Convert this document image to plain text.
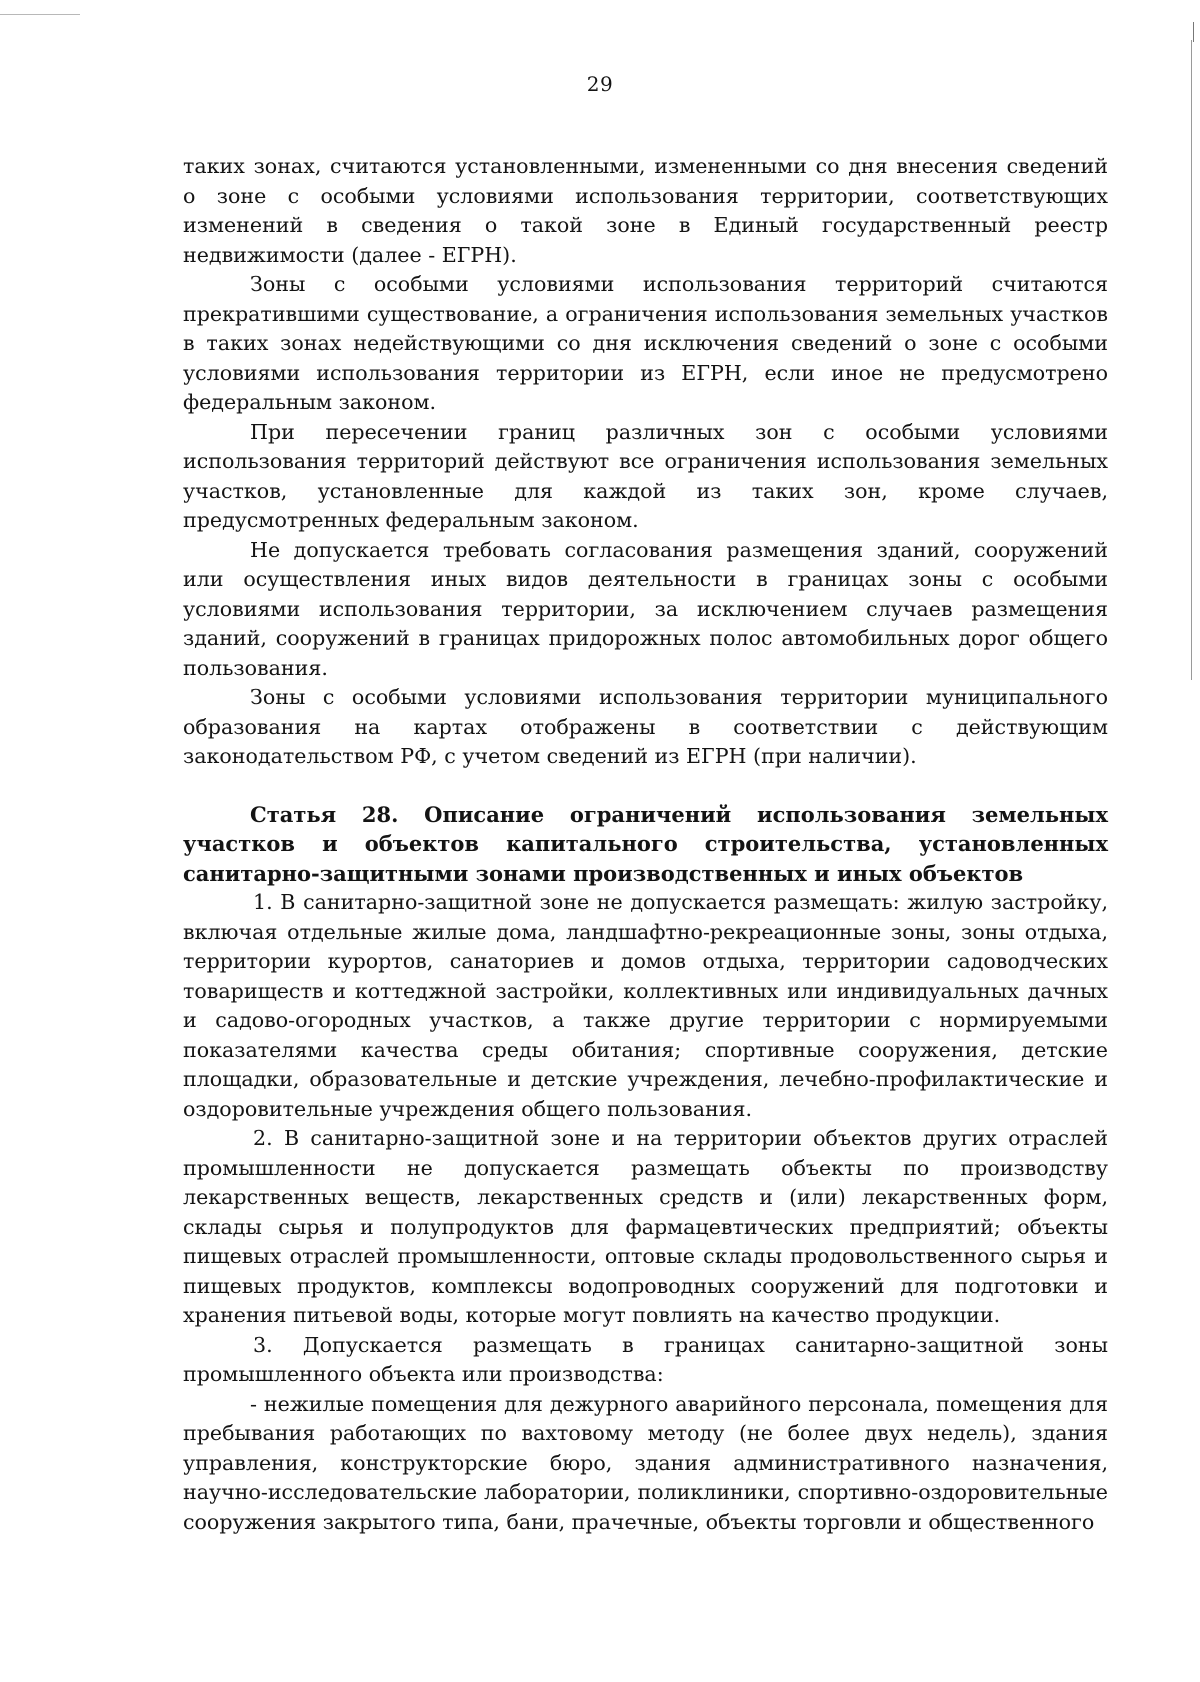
29

таких зонах, считаются установленными, измененными со дня внесения сведений о зоне с особыми условиями использования территории, соответствующих изменений в сведения о такой зоне в Единый государственный реестр недвижимости (далее - ЕГРН).

Зоны с особыми условиями использования территорий считаются прекратившими существование, а ограничения использования земельных участков в таких зонах недействующими со дня исключения сведений о зоне с особыми условиями использования территории из ЕГРН, если иное не предусмотрено федеральным законом.

При пересечении границ различных зон с особыми условиями использования территорий действуют все ограничения использования земельных участков, установленные для каждой из таких зон, кроме случаев, предусмотренных федеральным законом.

Не допускается требовать согласования размещения зданий, сооружений или осуществления иных видов деятельности в границах зоны с особыми условиями использования территории, за исключением случаев размещения зданий, сооружений в границах придорожных полос автомобильных дорог общего пользования.

Зоны с особыми условиями использования территории муниципального образования на картах отображены в соответствии с действующим законодательством РФ, с учетом сведений из ЕГРН (при наличии).

Статья 28. Описание ограничений использования земельных участков и объектов капитального строительства, установленных санитарно-защитными зонами производственных и иных объектов

1. В санитарно-защитной зоне не допускается размещать: жилую застройку, включая отдельные жилые дома, ландшафтно-рекреационные зоны, зоны отдыха, территории курортов, санаториев и домов отдыха, территории садоводческих товариществ и коттеджной застройки, коллективных или индивидуальных дачных и садово-огородных участков, а также другие территории с нормируемыми показателями качества среды обитания; спортивные сооружения, детские площадки, образовательные и детские учреждения, лечебно-профилактические и оздоровительные учреждения общего пользования.

2. В санитарно-защитной зоне и на территории объектов других отраслей промышленности не допускается размещать объекты по производству лекарственных веществ, лекарственных средств и (или) лекарственных форм, склады сырья и полупродуктов для фармацевтических предприятий; объекты пищевых отраслей промышленности, оптовые склады продовольственного сырья и пищевых продуктов, комплексы водопроводных сооружений для подготовки и хранения питьевой воды, которые могут повлиять на качество продукции.

3. Допускается размещать в границах санитарно-защитной зоны промышленного объекта или производства:

- нежилые помещения для дежурного аварийного персонала, помещения для пребывания работающих по вахтовому методу (не более двух недель), здания управления, конструкторские бюро, здания административного назначения, научно-исследовательские лаборатории, поликлиники, спортивно-оздоровительные сооружения закрытого типа, бани, прачечные, объекты торговли и общественного
